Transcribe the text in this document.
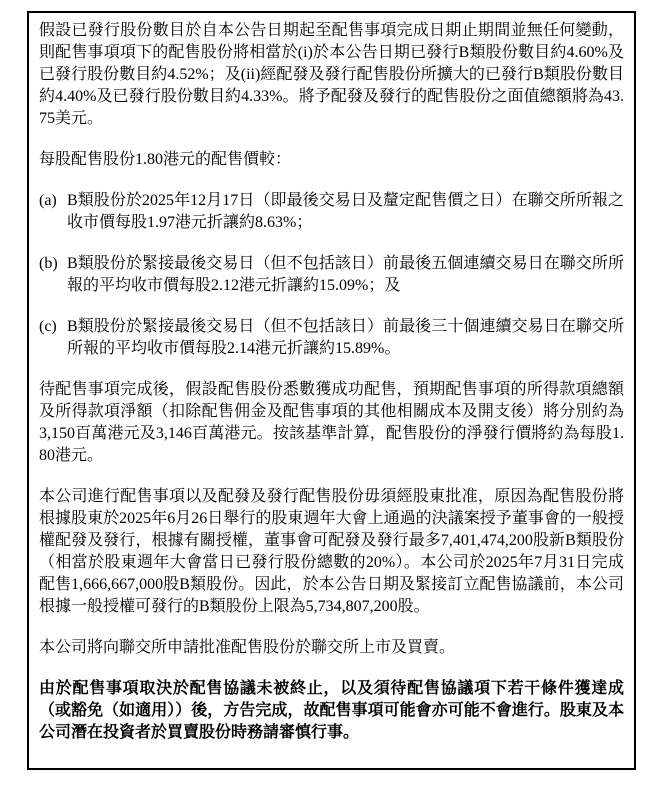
假設已發行股份數目於自本公告日期起至配售事項完成日期止期間並無任何變動，則配售事項項下的配售股份將相當於(i)於本公告日期已發行B類股份數目約4.60%及已發行股份數目約4.52%；及(ii)經配發及發行配售股份所擴大的已發行B類股份數目約4.40%及已發行股份數目約4.33%。將予配發及發行的配售股份之面值總額將為43.75美元。

每股配售股份1.80港元的配售價較：

(a) B類股份於2025年12月17日（即最後交易日及釐定配售價之日）在聯交所所報之收市價每股1.97港元折讓約8.63%；
(b) B類股份於緊接最後交易日（但不包括該日）前最後五個連續交易日在聯交所所報的平均收市價每股2.12港元折讓約15.09%；及
(c) B類股份於緊接最後交易日（但不包括該日）前最後三十個連續交易日在聯交所所報的平均收市價每股2.14港元折讓約15.89%。

待配售事項完成後，假設配售股份悉數獲成功配售，預期配售事項的所得款項總額及所得款項淨額（扣除配售佣金及配售事項的其他相關成本及開支後）將分別約為3,150百萬港元及3,146百萬港元。按該基準計算，配售股份的淨發行價將約為每股1.80港元。

本公司進行配售事項以及配發及發行配售股份毋須經股東批准，原因為配售股份將根據股東於2025年6月26日舉行的股東週年大會上通過的決議案授予董事會的一般授權配發及發行，根據有關授權，董事會可配發及發行最多7,401,474,200股新B類股份（相當於股東週年大會當日已發行股份總數的20%）。本公司於2025年7月31日完成配售1,666,667,000股B類股份。因此，於本公告日期及緊接訂立配售協議前，本公司根據一般授權可發行的B類股份上限為5,734,807,200股。

本公司將向聯交所申請批准配售股份於聯交所上市及買賣。

由於配售事項取決於配售協議未被終止，以及須待配售協議項下若干條件獲達成（或豁免（如適用））後，方告完成，故配售事項可能會亦可能不會進行。股東及本公司潛在投資者於買賣股份時務請審慎行事。
